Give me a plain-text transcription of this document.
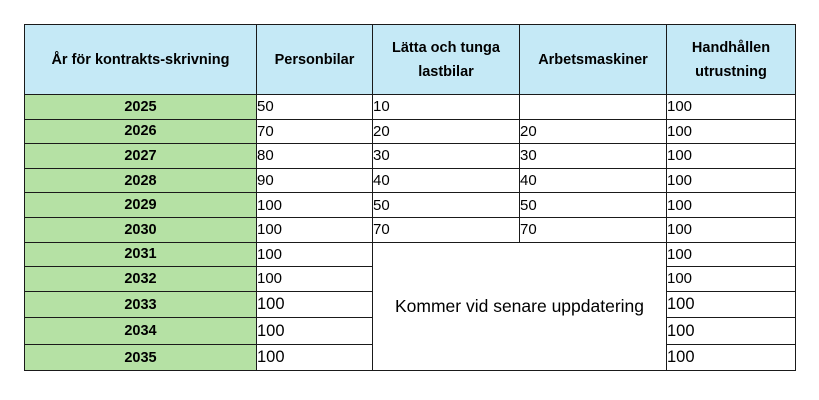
År för kontrakts-skrivning	Personbilar	Lätta och tunga lastbilar	Arbetsmaskiner	Handhållen utrustning
2025	50	10		100
2026	70	20	20	100
2027	80	30	30	100
2028	90	40	40	100
2029	100	50	50	100
2030	100	70	70	100
2031	100	Kommer vid senare uppdatering		100
2032	100			100
2033	100			100
2034	100			100
2035	100			100
